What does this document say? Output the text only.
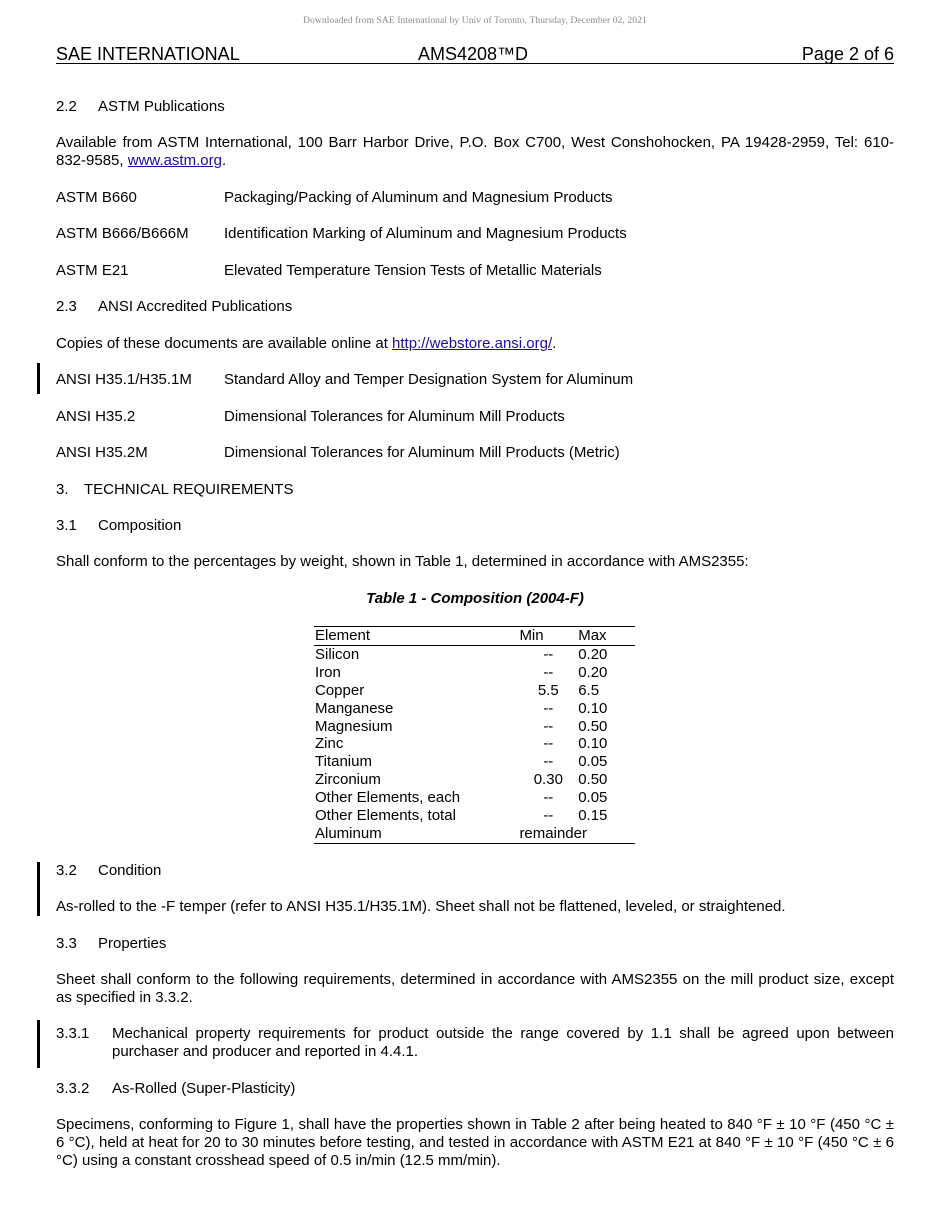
Downloaded from SAE International by Univ of Toronto, Thursday, December 02, 2021
SAE INTERNATIONAL	AMS4208™D	Page 2 of 6
2.2 ASTM Publications
Available from ASTM International, 100 Barr Harbor Drive, P.O. Box C700, West Conshohocken, PA 19428-2959, Tel: 610-832-9585, www.astm.org.
ASTM B660	Packaging/Packing of Aluminum and Magnesium Products
ASTM B666/B666M Identification Marking of Aluminum and Magnesium Products
ASTM E21	Elevated Temperature Tension Tests of Metallic Materials
2.3 ANSI Accredited Publications
Copies of these documents are available online at http://webstore.ansi.org/.
ANSI H35.1/H35.1M Standard Alloy and Temper Designation System for Aluminum
ANSI H35.2	Dimensional Tolerances for Aluminum Mill Products
ANSI H35.2M	Dimensional Tolerances for Aluminum Mill Products (Metric)
3. TECHNICAL REQUIREMENTS
3.1 Composition
Shall conform to the percentages by weight, shown in Table 1, determined in accordance with AMS2355:
Table 1 - Composition (2004-F)
Element	Min	Max
Silicon	--	0.20
Iron	--	0.20
Copper	5.5	6.5
Manganese	--	0.10
Magnesium	--	0.50
Zinc	--	0.10
Titanium	--	0.05
Zirconium	0.30	0.50
Other Elements, each	--	0.05
Other Elements, total	--	0.15
Aluminum	remainder	
3.2 Condition
As-rolled to the -F temper (refer to ANSI H35.1/H35.1M). Sheet shall not be flattened, leveled, or straightened.
3.3 Properties
Sheet shall conform to the following requirements, determined in accordance with AMS2355 on the mill product size, except as specified in 3.3.2.
3.3.1 Mechanical property requirements for product outside the range covered by 1.1 shall be agreed upon between purchaser and producer and reported in 4.4.1.
3.3.2 As-Rolled (Super-Plasticity)
Specimens, conforming to Figure 1, shall have the properties shown in Table 2 after being heated to 840 °F ± 10 °F (450 °C ± 6 °C), held at heat for 20 to 30 minutes before testing, and tested in accordance with ASTM E21 at 840 °F ± 10 °F (450 °C ± 6 °C) using a constant crosshead speed of 0.5 in/min (12.5 mm/min).
